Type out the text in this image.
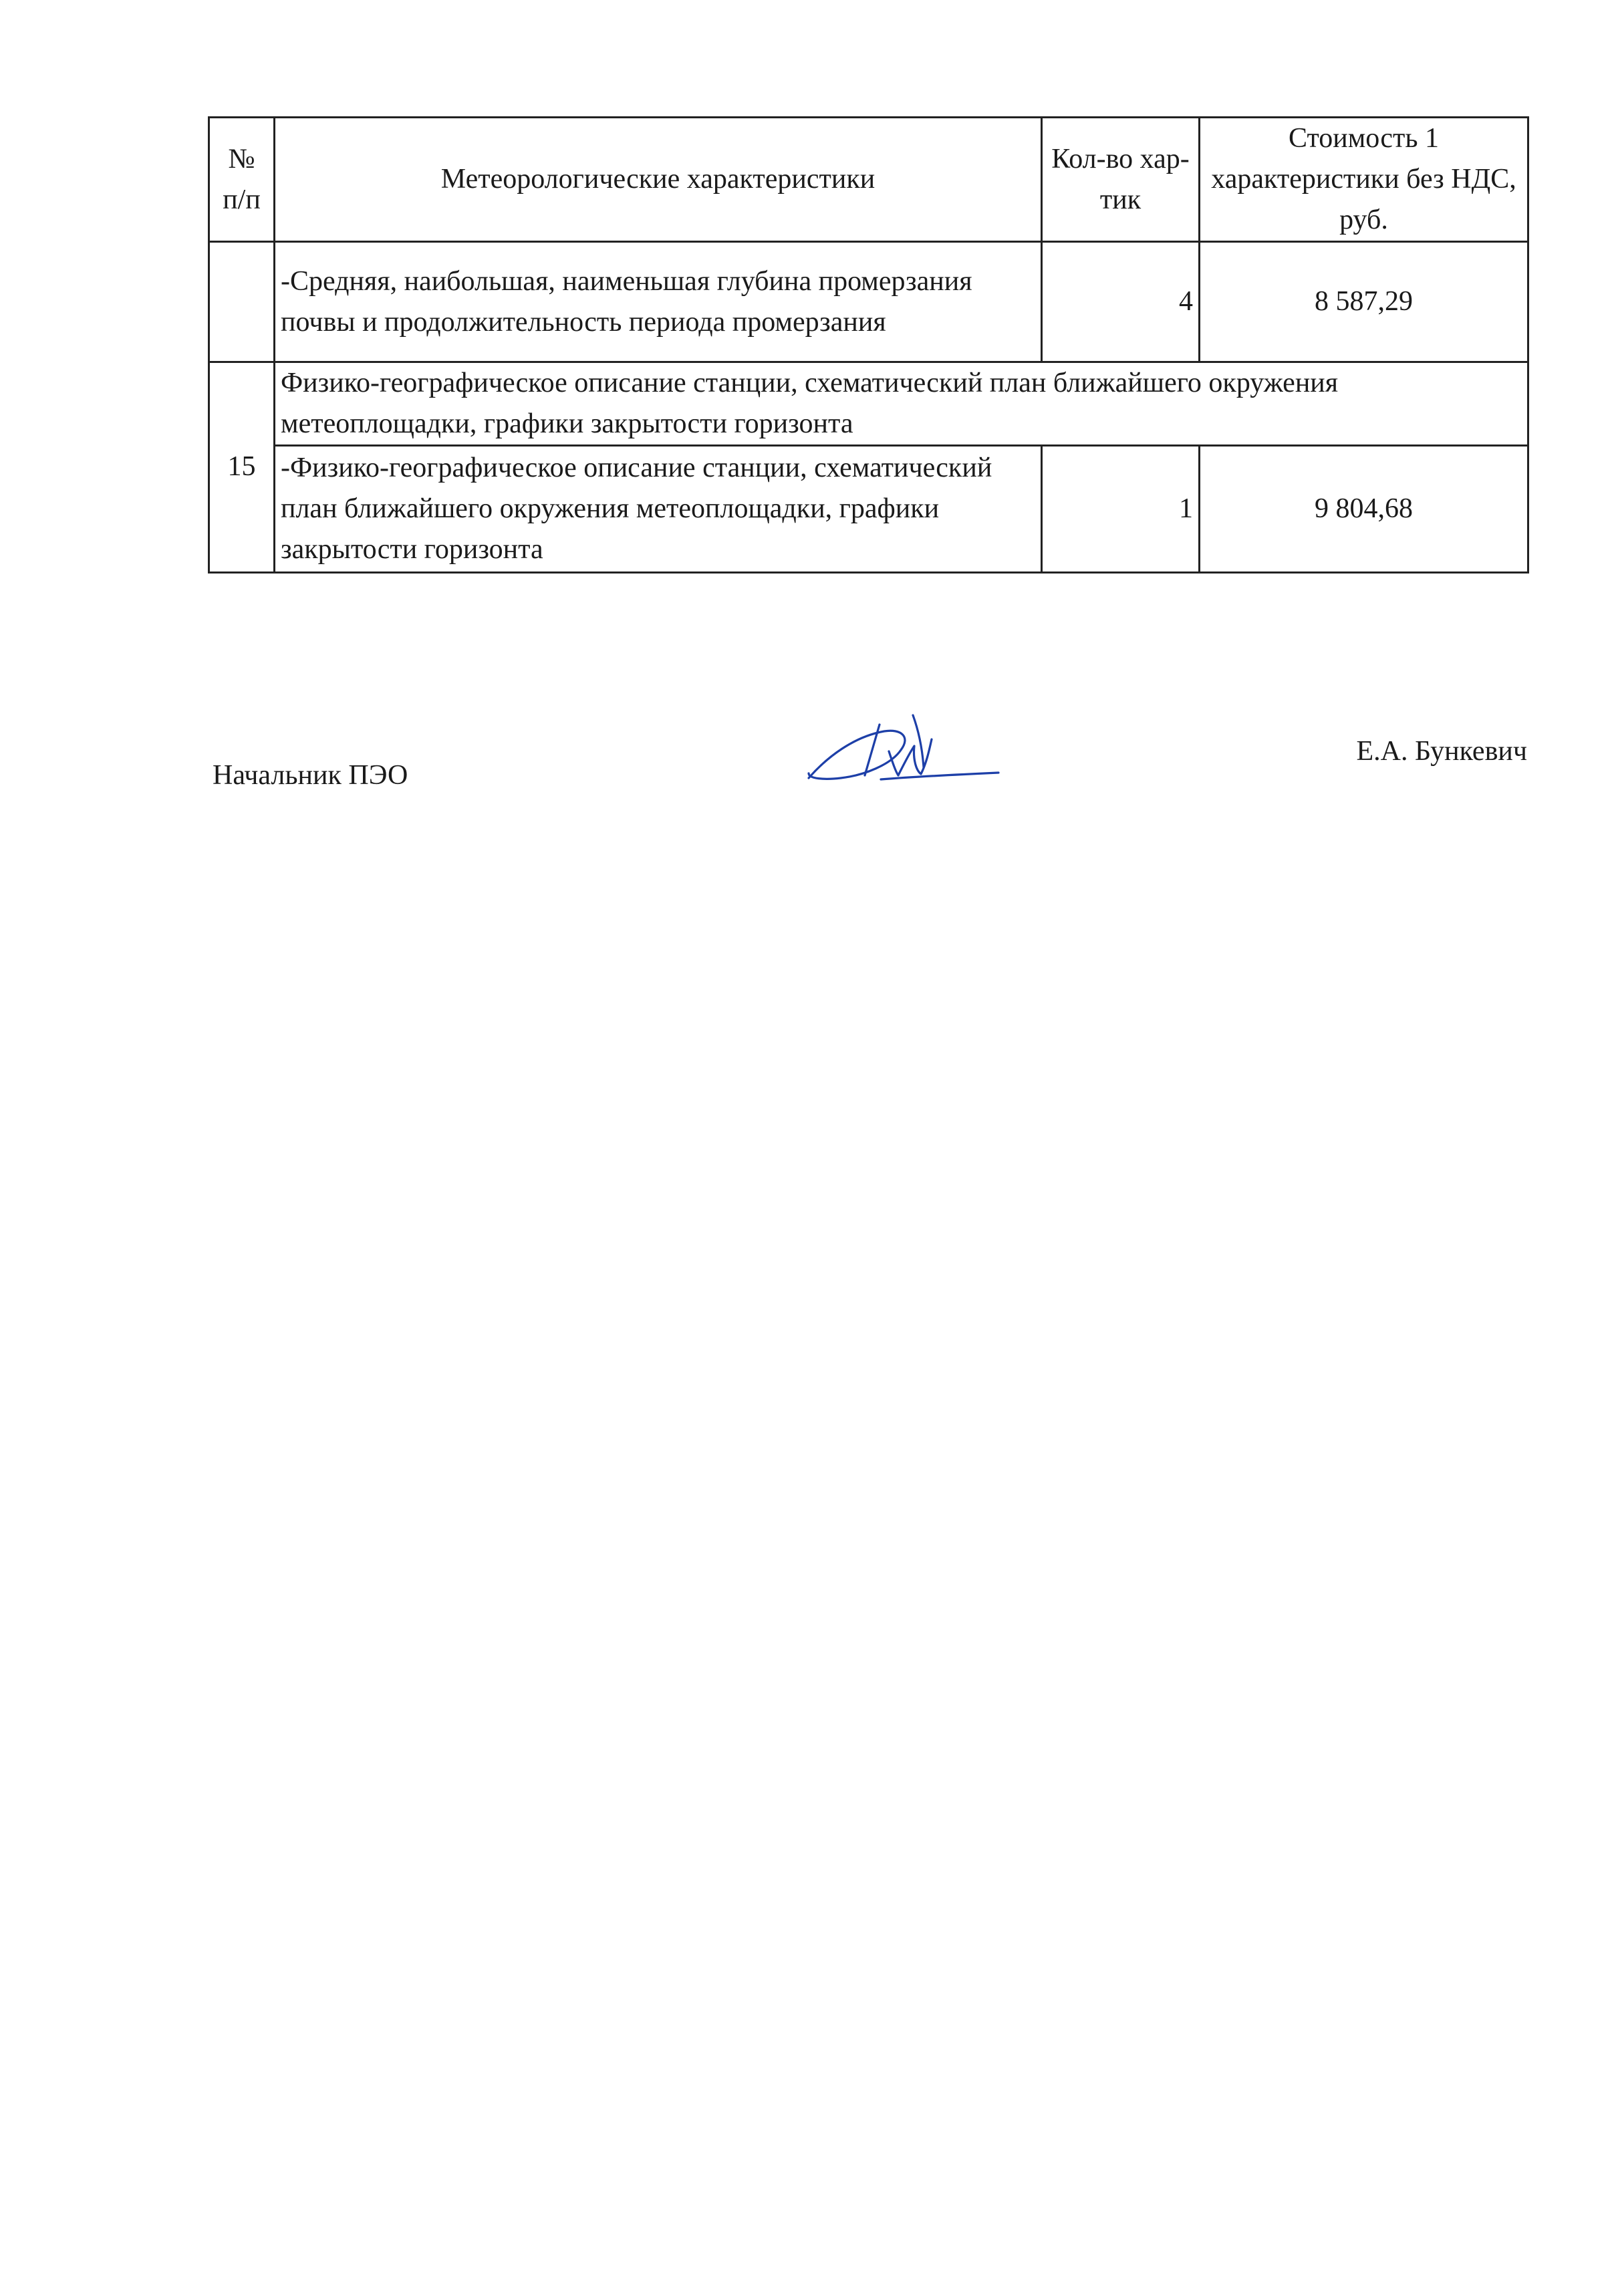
№ п/п	Метеорологические характеристики	Кол-во хар-тик	Стоимость 1 характеристики без НДС, руб.
	-Средняя, наибольшая, наименьшая глубина промерзания почвы и продолжительность периода промерзания	4	8 587,29
15	Физико-географическое описание станции, схематический план ближайшего окружения метеоплощадки, графики закрытости горизонта		
	-Физико-географическое описание станции, схематический план ближайшего окружения метеоплощадки, графики закрытости горизонта	1	9 804,68
Начальник ПЭО
Е.А. Бункевич
